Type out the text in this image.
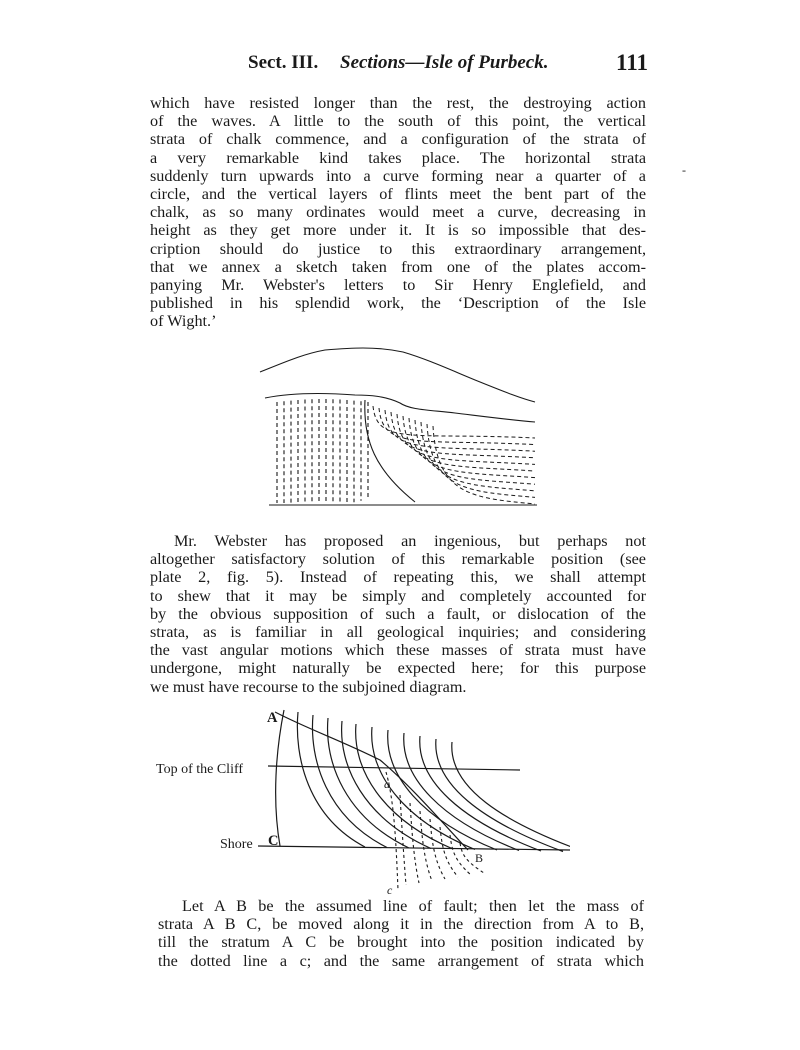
Sect. III. Sections—Isle of Purbeck.	111
which have resisted longer than the rest, the destroying action
of the waves. A little to the south of this point, the vertical
strata of chalk commence, and a configuration of the strata of
a very remarkable kind takes place. The horizontal strata
suddenly turn upwards into a curve forming near a quarter of a
circle, and the vertical layers of flints meet the bent part of the
chalk, as so many ordinates would meet a curve, decreasing in
height as they get more under it. It is so impossible that des-
cription should do justice to this extraordinary arrangement,
that we annex a sketch taken from one of the plates accom-
panying Mr. Webster's letters to Sir Henry Englefield, and
published in his splendid work, the ‘Description of the Isle
of Wight.’
‐
Mr. Webster has proposed an ingenious, but perhaps not
altogether satisfactory solution of this remarkable position (see
plate 2, fig. 5). Instead of repeating this, we shall attempt
to shew that it may be simply and completely accounted for
by the obvious supposition of such a fault, or dislocation of the
strata, as is familiar in all geological inquiries; and considering
the vast angular motions which these masses of strata must have
undergone, might naturally be expected here; for this purpose
we must have recourse to the subjoined diagram.
Top of the Cliff
Shore
A
C
B
a
c
Let A B be the assumed line of fault; then let the mass of
strata A B C, be moved along it in the direction from A to B,
till the stratum A C be brought into the position indicated by
the dotted line a c; and the same arrangement of strata which
